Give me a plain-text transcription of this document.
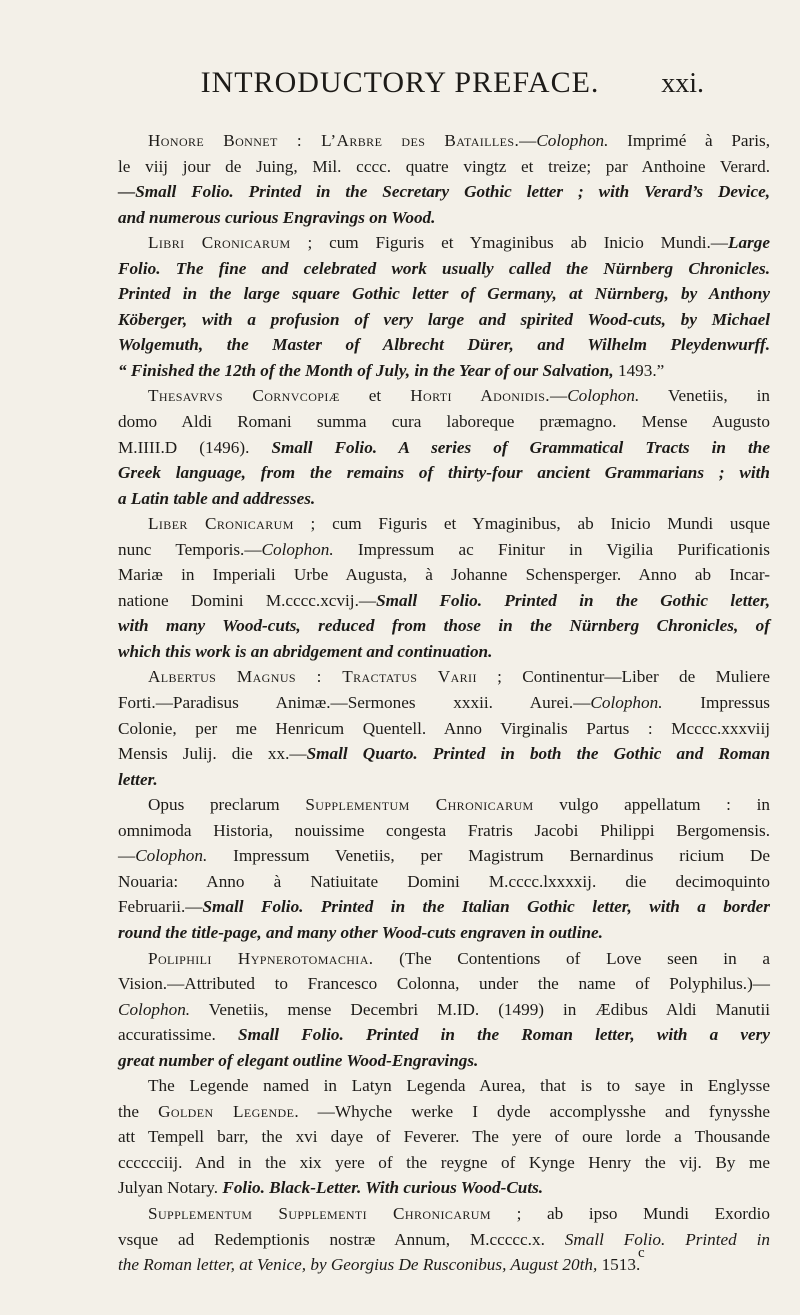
INTRODUCTORY PREFACE.	xxi.
Honore Bonnet : L’Arbre des Batailles.—Colophon. Imprimé à Paris,
le viij jour de Juing, Mil. cccc. quatre vingtz et treize; par Anthoine Verard.
—Small Folio. Printed in the Secretary Gothic letter ; with Verard’s Device,
and numerous curious Engravings on Wood.
Libri Cronicarum ; cum Figuris et Ymaginibus ab Inicio Mundi.—Large
Folio. The fine and celebrated work usually called the Nürnberg Chronicles.
Printed in the large square Gothic letter of Germany, at Nürnberg, by Anthony
Köberger, with a profusion of very large and spirited Wood-cuts, by Michael
Wolgemuth, the Master of Albrecht Dürer, and Wilhelm Pleydenwurff.
“ Finished the 12th of the Month of July, in the Year of our Salvation, 1493.”
Thesavrvs Cornvcopiæ et Horti Adonidis.—Colophon. Venetiis, in
domo Aldi Romani summa cura laboreque præmagno. Mense Augusto
M.IIII.D (1496). Small Folio. A series of Grammatical Tracts in the
Greek language, from the remains of thirty-four ancient Grammarians ; with
a Latin table and addresses.
Liber Cronicarum ; cum Figuris et Ymaginibus, ab Inicio Mundi usque
nunc Temporis.—Colophon. Impressum ac Finitur in Vigilia Purificationis
Mariæ in Imperiali Urbe Augusta, à Johanne Schensperger. Anno ab Incar-
natione Domini M.cccc.xcvij.—Small Folio. Printed in the Gothic letter,
with many Wood-cuts, reduced from those in the Nürnberg Chronicles, of
which this work is an abridgement and continuation.
Albertus Magnus : Tractatus Varii ; Continentur—Liber de Muliere
Forti.—Paradisus Animæ.—Sermones xxxii. Aurei.—Colophon. Impressus
Colonie, per me Henricum Quentell. Anno Virginalis Partus : Mcccc.xxxviij
Mensis Julij. die xx.—Small Quarto. Printed in both the Gothic and Roman
letter.
Opus preclarum Supplementum Chronicarum vulgo appellatum : in
omnimoda Historia, nouissime congesta Fratris Jacobi Philippi Bergomensis.
—Colophon. Impressum Venetiis, per Magistrum Bernardinus ricium De
Nouaria: Anno à Natiuitate Domini M.cccc.lxxxxij. die decimoquinto
Februarii.—Small Folio. Printed in the Italian Gothic letter, with a border
round the title-page, and many other Wood-cuts engraven in outline.
Poliphili Hypnerotomachia. (The Contentions of Love seen in a
Vision.—Attributed to Francesco Colonna, under the name of Polyphilus.)—
Colophon. Venetiis, mense Decembri M.ID. (1499) in Ædibus Aldi Manutii
accuratissime. Small Folio. Printed in the Roman letter, with a very
great number of elegant outline Wood-Engravings.
The Legende named in Latyn Legenda Aurea, that is to saye in Englysse
the Golden Legende. —Whyche werke I dyde accomplysshe and fynysshe
att Tempell barr, the xvi daye of Feverer. The yere of oure lorde a Thousande
cccccciij. And in the xix yere of the reygne of Kynge Henry the vij. By me
Julyan Notary. Folio. Black-Letter. With curious Wood-Cuts.
Supplementum Supplementi Chronicarum ; ab ipso Mundi Exordio
vsque ad Redemptionis nostræ Annum, M.ccccc.x. Small Folio. Printed in
the Roman letter, at Venice, by Georgius De Rusconibus, August 20th, 1513.
c
